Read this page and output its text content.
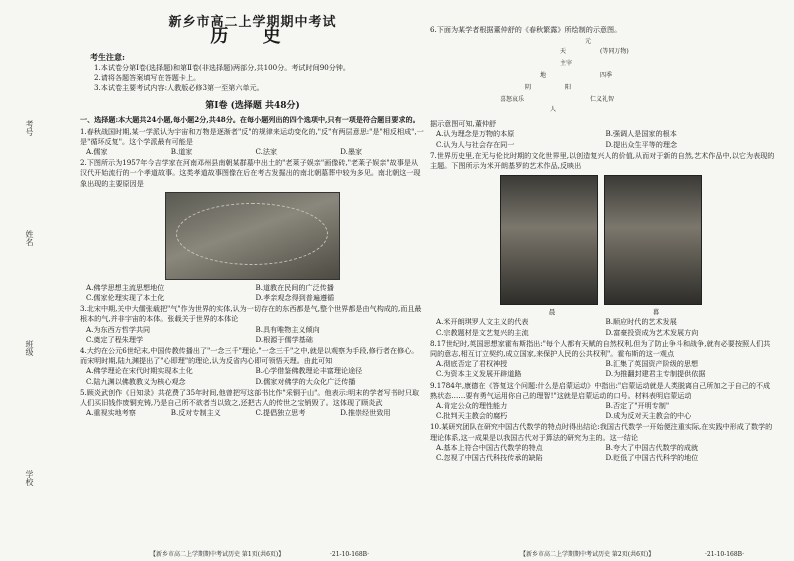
考号
姓名
班级
学校
新乡市高二上学期期中考试
历 史
考生注意:

1.本试卷分第Ⅰ卷(选择题)和第Ⅱ卷(非选择题)两部分,共100分。考试时间90分钟。

2.请将各题答案填写在答题卡上。

3.本试卷主要考试内容:人教版必修3第一至第六单元。

第Ⅰ卷 (选择题 共48分)
一、选择题:本大题共24小题,每小题2分,共48分。在每小题列出的四个选项中,只有一项是符合题目要求的。
1.春秋战国时期,某一学派认为宇宙和万物是逐渐者"反"的规律来运动变化的,"反"有两层意思:"是"相反相成",一是"循环反复"。这个学派最有可能是
A.儒家	B.道家	C.法家	D.墨家
2.下图所示为1957年今吉学家在河南邓州县南朝某群墓中出土的"老莱子娱亲"画像砖,"老莱子娱亲"故事是从汉代开始流行的一个孝道故事。这类孝道故事图像在后在考古发掘出的南北朝墓葬中较为多见。南北朝这一现象出现的主要原因是
A.佛学思想主流思想地位	B.道教在民间的广泛传播
C.儒家伦理实现了本土化	D.孝亲观念得到普遍遵循
3.北宋中期,关中大儒张载把"气"作为世界的实体,认为一切存在的东西都是气,整个世界都是由气构成的,而且最根本的气,并非宇宙的本体。张载关于世界的本体论
A.为东西方哲学共同	B.具有唯物主义倾向
C.奠定了程朱理学	D.根源于儒学基础
4.大约在公元6世纪末,中国传教传播出了"一念三千"理论,"一念三千"之中,就是以观察为手段,修行者在修心。而宋明时期,陆九渊提出了"心即理"的理论,认为反省内心即可领悟天理。由此可知
A.佛学理论在宋代时期实现本土化	B.心学借鉴佛教理论丰富理论途径
C.陆九渊以佛教教义为核心观念	D.儒家对佛学的大众化广泛传播
5.顾炎武创作《日知录》共花费了35年时间,他曾把写这部书比作"采铜于山"。他表示:明末的学者写书时只取人们买旧钱作废铜充铸,乃是自己所不欲者当以致之,还把古人的传世之宝销毁了。这体现了顾炎武
A.重视实地考察	B.反对专制主义	C.提倡独立思考	D.推崇经世致用
6.下面为某学者根据董仲舒的《春秋繁露》所绘制的示意图。
元
天	(等同万物)
主宰
地	四季
阴	阳
喜怒哀乐
人
仁义礼智
据示意图可知,董仲舒
A.认为理念是万物的本原	B.强调人是国家的根本
C.认为人与社会存在同一	D.提出众生平等的理念
7.世界历史里,在无与伦比时期的文化世界里,以创造复兴人的价值,从而对于新的自然,艺术作品中,以它为表现的主题。下图所示为米开朗基罗的艺术作品,反映出
晨	暮
A.米开朗琪罗人文主义的代表	B.顺应时代的艺术发展
C.宗教题材是文艺复兴的主流	D.富豪投资成为艺术发展方向
8.17世纪时,英国思想家霍布斯指出:"每个人都有天赋的自然权利,但为了防止争斗和战争,就有必要按照人们共同的意志,相互订立契约,成立国家,来保护人民的公共权利"。霍布斯的这一观点
A.彻底否定了君权神授	B.汇集了英国资产阶级的思想
C.为资本主义发展开辟道路	D.为推翻封建君主专制提供依据
9.1784年,康德在《答复这个问题:什么是启蒙运动》中指出:"启蒙运动就是人类脱离自己所加之于自己的不成熟状态……要有勇气运用你自己的理智!"这就是启蒙运动的口号。材料表明启蒙运动
A.肯定公众的理性能力	B.否定了"开明专制"
C.批判天主教会的腐朽	D.成为反对天主教会的中心
10.某研究团队在研究中国古代数学的特点时得出结论:我国古代数学一开始便注重实际,在实践中形成了数学的理论体系,这一成果是以我国古代对于算法的研究为主的。这一结论
A.基本上符合中国古代数学的特点	B.夸大了中国古代数学的成就
C.忽视了中国古代科技传承的缺陷	D.贬低了中国古代科学的地位
【新乡市高二上学期期中考试历史 第1页(共6页)】	·21-10-168B·	【新乡市高二上学期期中考试历史 第2页(共6页)】	·21-10-168B·
